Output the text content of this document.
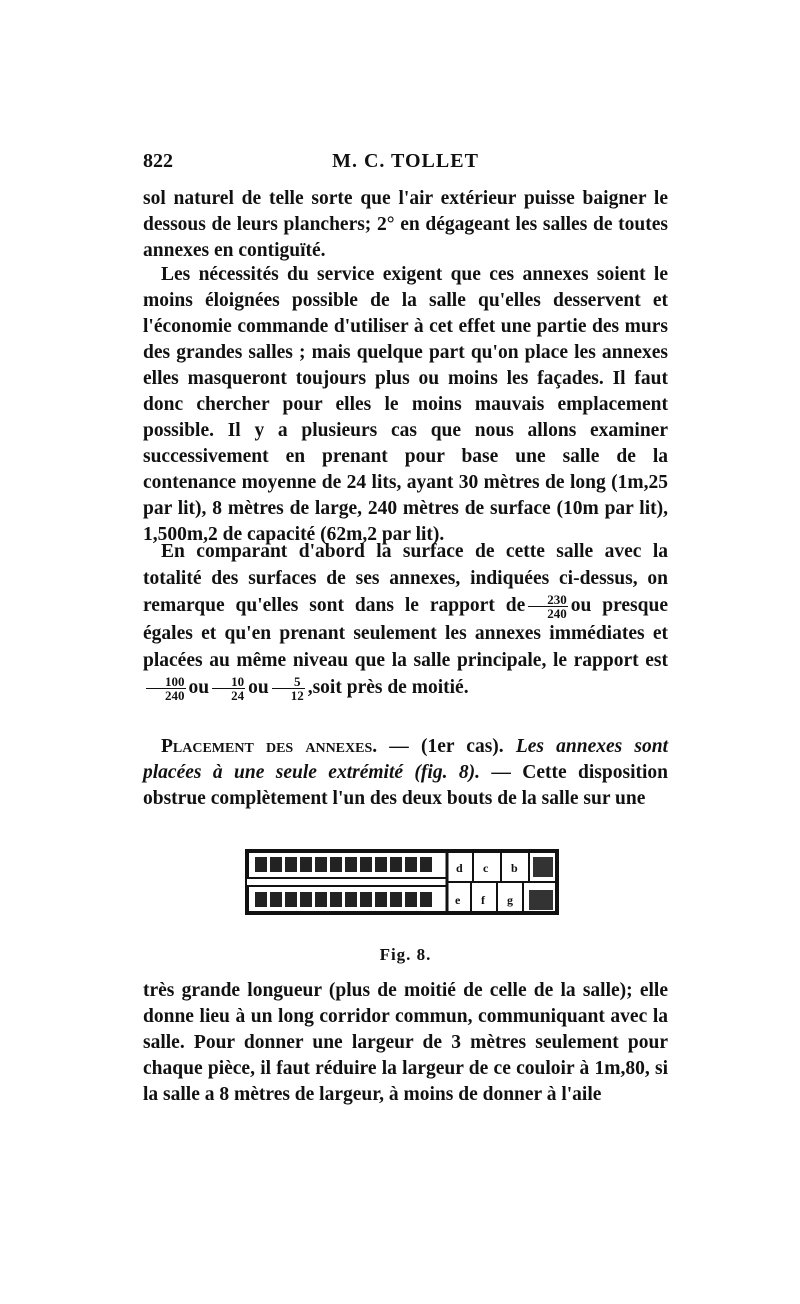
822	M. C. TOLLET

sol naturel de telle sorte que l'air extérieur puisse baigner le dessous de leurs planchers; 2° en dégageant les salles de toutes annexes en contiguïté.

Les nécessités du service exigent que ces annexes soient le moins éloignées possible de la salle qu'elles desservent et l'économie commande d'utiliser à cet effet une partie des murs des grandes salles ; mais quelque part qu'on place les annexes elles masqueront toujours plus ou moins les façades. Il faut donc chercher pour elles le moins mauvais emplacement possible. Il y a plusieurs cas que nous allons examiner successivement en prenant pour base une salle de la contenance moyenne de 24 lits, ayant 30 mètres de long (1m,25 par lit), 8 mètres de large, 240 mètres de surface (10m par lit), 1,500m,2 de capacité (62m,2 par lit).

En comparant d'abord la surface de cette salle avec la totalité des surfaces de ses annexes, indiquées ci-dessus, on remarque qu'elles sont dans le rapport de $\frac{230}{240}$ ou presque égales et qu'en prenant seulement les annexes immédiates et placées au même niveau que la salle principale, le rapport est
$\frac{100}{240}$ ou $\frac{10}{24}$ ou $\frac{5}{12}$ ,soit près de moitié.

Placement des annexes. — (1er cas). Les annexes sont placées à une seule extrémité (fig. 8). — Cette disposition obstrue complètement l'un des deux bouts de la salle sur une

d c b
e f g
Fig. 8.

très grande longueur (plus de moitié de celle de la salle); elle donne lieu à un long corridor commun, communiquant avec la salle. Pour donner une largeur de 3 mètres seulement pour chaque pièce, il faut réduire la largeur de ce couloir à 1m,80, si la salle a 8 mètres de largeur, à moins de donner à l'aile
